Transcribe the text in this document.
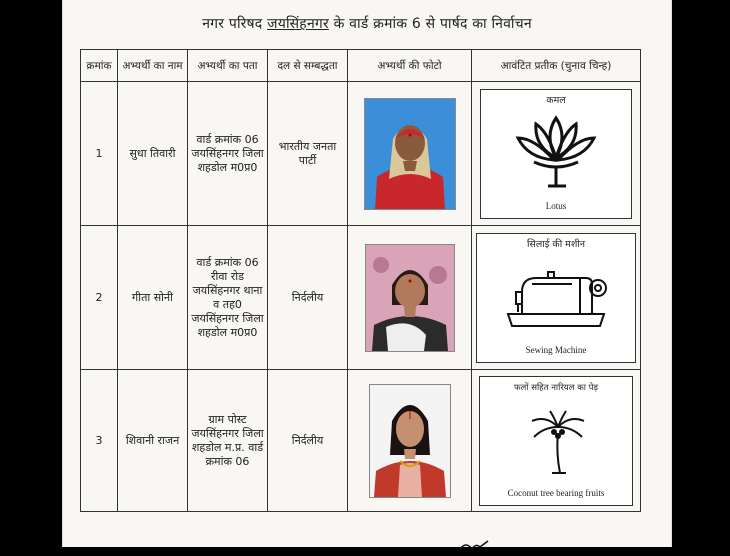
नगर परिषद जयसिंहनगर के वार्ड क्रमांक 6 से पार्षद का निर्वाचन
क्रमांक	अभ्यर्थी का नाम	अभ्यर्थी का पता	दल से सम्बद्धता	अभ्यर्थी की फोटो	आवंटित प्रतीक (चुनाव चिन्ह)
1	सुधा तिवारी	वार्ड क्रमांक 06 जयसिंहनगर जिला शहडोल म0प्र0	भारतीय जनता पार्टी		कमल
Lotus

2	गीता सोनी	वार्ड क्रमांक 06 रीवा रोड जयसिंहनगर थाना व तह0 जयसिंहनगर जिला शहडोल म0प्र0	निर्दलीय		सिलाई की मशीन
Sewing Machine

3	शिवानी राजन	ग्राम पोस्ट जयसिंहनगर जिला शहडोल म.प्र. वार्ड क्रमांक 06	निर्दलीय		फलों सहित नारियल का पेड़
Coconut tree bearing fruits
